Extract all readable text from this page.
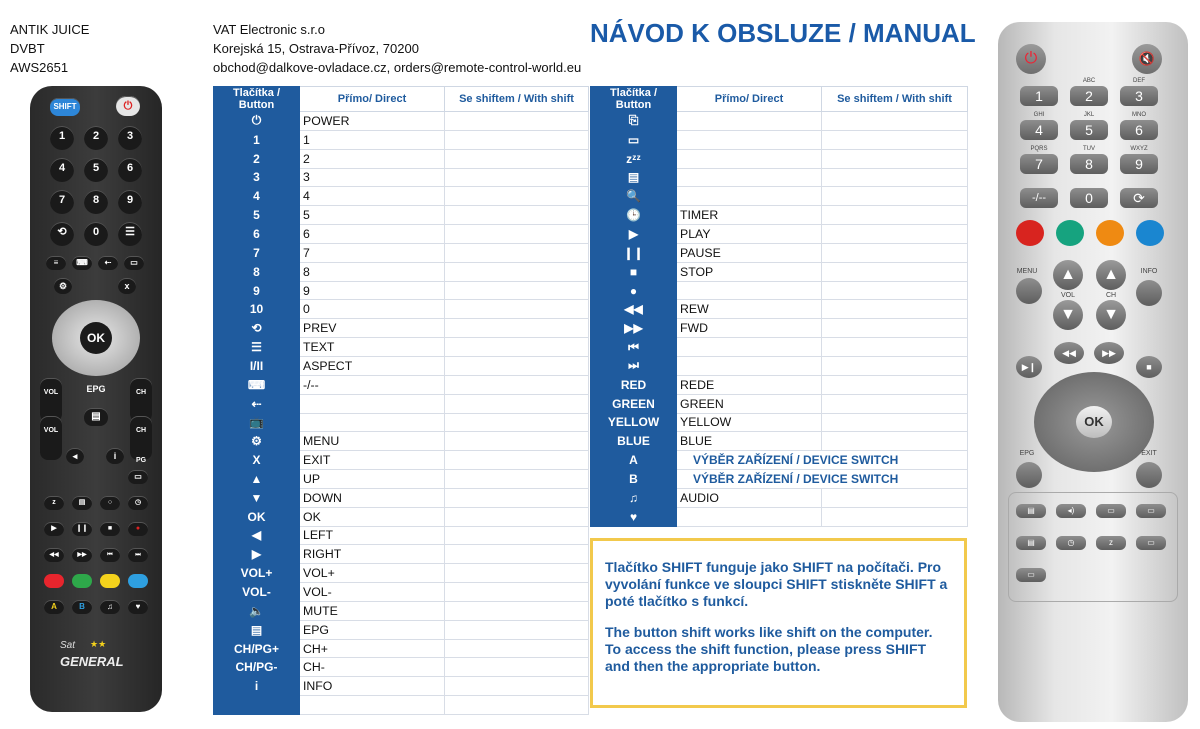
ANTIK JUICE
DVBT
AWS2651
VAT Electronic s.r.o
Korejská 15, Ostrava-Přívoz, 70200
obchod@dalkove-ovladace.cz, orders@remote-control-world.eu
NÁVOD K OBSLUZE / MANUAL
Tlačítka / Button	Přímo/ Direct	Se shiftem / With shift
⏻	POWER	
1	1	
2	2	
3	3	
4	4	
5	5	
6	6	
7	7	
8	8	
9	9	
10	0	
⟲	PREV	
☰	TEXT	
I/II	ASPECT	
⌨	-/--	
⇠		
📺		
⚙	MENU	
X	EXIT	
▲	UP	
▼	DOWN	
OK	OK	
◀	LEFT	
▶	RIGHT	
VOL+	VOL+	
VOL-	VOL-	
🔈	MUTE	
▤	EPG	
CH/PG+	CH+	
CH/PG-	CH-	
i	INFO	

Tlačítka / Button	Přímo/ Direct	Se shiftem / With shift
⎘		
▭		
zᶻᶻ		
▤		
🔍		
🕒	TIMER	
▶	PLAY	
❙❙	PAUSE	
■	STOP	
●		
◀◀	REW	
▶▶	FWD	
⏮		
⏭		
RED	REDE	
GREEN	GREEN	
YELLOW	YELLOW	
BLUE	BLUE	
A	VÝBĚR ZAŘÍZENÍ / DEVICE SWITCH	
B	VÝBĚR ZAŘÍZENÍ / DEVICE SWITCH	
♫	AUDIO	
♥		

Tlačítko SHIFT funguje jako SHIFT na počítači. Pro vyvolání funkce ve sloupci SHIFT stiskněte SHIFT a poté tlačítko s funkcí.

The button shift works like shift on the computer. To access the shift function, please press SHIFT and then the appropriate button.

SHIFT	⏻
1	2	3
4	5	6
7	8	9
⟲	0	☰
≡	⌨	⇠	▭
⚙	x
OK
VOL	CH
EPG
▤
VOL	CH PG
◂	i
▭
z	▤	○	◷
▶	❙❙	■	●
◀◀	▶▶	⏮	⏭
A	B	♫	♥
Sat ★★
GENERAL
⏻	🔇
ABC	DEF
1	2	3
GHI	JKL	MNO
4	5	6
PQRS	TUV	WXYZ
7	8	9
-/--	0	⟳
MENU	INFO
▲	▲
VOL	CH
▼	▼
◀◀	▶▶
▶❙	■
OK
EPG	EXIT
▤	◂)	▭	▭
▤	◷	z	▭
▭
